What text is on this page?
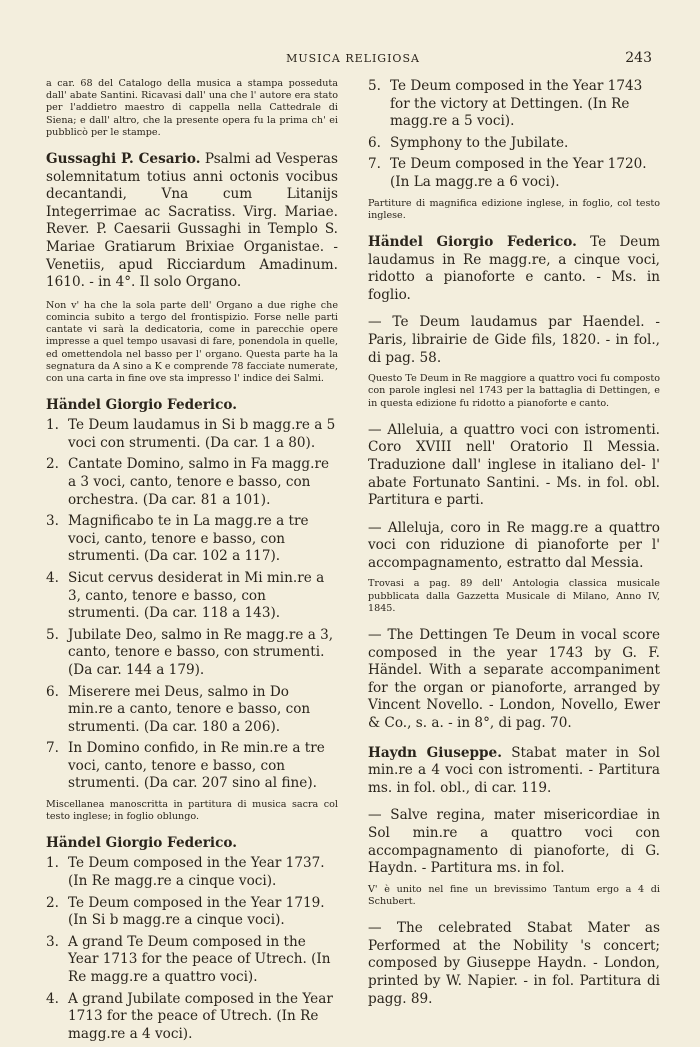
MUSICA RELIGIOSA	243

a car. 68 del Catalogo della musica a stampa posseduta dall' abate Santini. Ricavasi dall' una che l' autore era stato per l'addietro maestro di cappella nella Cattedrale di Siena; e dall' altro, che la presente opera fu la prima ch' ei pubblicò per le stampe.

Gussaghi P. Cesario. Psalmi ad Vesperas solemnitatum totius anni octonis vocibus decantandi, Vna cum Litanijs Integerrimae ac Sacratiss. Virg. Mariae. Rever. P. Caesarii Gussaghi in Templo S. Mariae Gratiarum Brixiae Organistae. - Venetiis, apud Ricciardum Amadinum. 1610. - in 4°. Il solo Organo.

Non v' ha che la sola parte dell' Organo a due righe che comincia subito a tergo del frontispizio. Forse nelle parti cantate vi sarà la dedicatoria, come in parecchie opere impresse a quel tempo usavasi di fare, ponendola in quelle, ed omettendola nel basso per l' organo. Questa parte ha la segnatura da A sino a K e comprende 78 facciate numerate, con una carta in fine ove sta impresso l' indice dei Salmi.

Händel Giorgio Federico.
1. Te Deum laudamus in Si b magg.re a 5 voci con strumenti. (Da car. 1 a 80).
2. Cantate Domino, salmo in Fa magg.re a 3 voci, canto, tenore e basso, con orchestra. (Da car. 81 a 101).
3. Magnificabo te in La magg.re a tre voci, canto, tenore e basso, con strumenti. (Da car. 102 a 117).
4. Sicut cervus desiderat in Mi min.re a 3, canto, tenore e basso, con strumenti. (Da car. 118 a 143).
5. Jubilate Deo, salmo in Re magg.re a 3, canto, tenore e basso, con strumenti. (Da car. 144 a 179).
6. Miserere mei Deus, salmo in Do min.re a canto, tenore e basso, con strumenti. (Da car. 180 a 206).
7. In Domino confido, in Re min.re a tre voci, canto, tenore e basso, con strumenti. (Da car. 207 sino al fine).

Miscellanea manoscritta in partitura di musica sacra col testo inglese; in foglio oblungo.

Händel Giorgio Federico.
1. Te Deum composed in the Year 1737. (In Re magg.re a cinque voci).
2. Te Deum composed in the Year 1719. (In Si b magg.re a cinque voci).
3. A grand Te Deum composed in the Year 1713 for the peace of Utrech. (In Re magg.re a quattro voci).
4. A grand Jubilate composed in the Year 1713 for the peace of Utrech. (In Re magg.re a 4 voci).
5. Te Deum composed in the Year 1743 for the victory at Dettingen. (In Re magg.re a 5 voci).
6. Symphony to the Jubilate.
7. Te Deum composed in the Year 1720. (In La magg.re a 6 voci).

Partiture di magnifica edizione inglese, in foglio, col testo inglese.

Händel Giorgio Federico. Te Deum laudamus in Re magg.re, a cinque voci, ridotto a pianoforte e canto. - Ms. in foglio.

— Te Deum laudamus par Haendel. - Paris, librairie de Gide fils, 1820. - in fol., di pag. 58.

Questo Te Deum in Re maggiore a quattro voci fu composto con parole inglesi nel 1743 per la battaglia di Dettingen, e in questa edizione fu ridotto a pianoforte e canto.

— Alleluia, a quattro voci con istromenti. Coro XVIII nell' Oratorio Il Messia. Traduzione dall' inglese in italiano del- l' abate Fortunato Santini. - Ms. in fol. obl. Partitura e parti.

— Alleluja, coro in Re magg.re a quattro voci con riduzione di pianoforte per l' accompagnamento, estratto dal Messia.

Trovasi a pag. 89 dell' Antologia classica musicale pubblicata dalla Gazzetta Musicale di Milano, Anno IV, 1845.

— The Dettingen Te Deum in vocal score composed in the year 1743 by G. F. Händel. With a separate accompaniment for the organ or pianoforte, arranged by Vincent Novello. - London, Novello, Ewer & Co., s. a. - in 8°, di pag. 70.

Haydn Giuseppe. Stabat mater in Sol min.re a 4 voci con istromenti. - Partitura ms. in fol. obl., di car. 119.

— Salve regina, mater misericordiae in Sol min.re a quattro voci con accompagnamento di pianoforte, di G. Haydn. - Partitura ms. in fol.

V' è unito nel fine un brevissimo Tantum ergo a 4 di Schubert.

— The celebrated Stabat Mater as Performed at the Nobility 's concert; composed by Giuseppe Haydn. - London, printed by W. Napier. - in fol. Partitura di pagg. 89.
